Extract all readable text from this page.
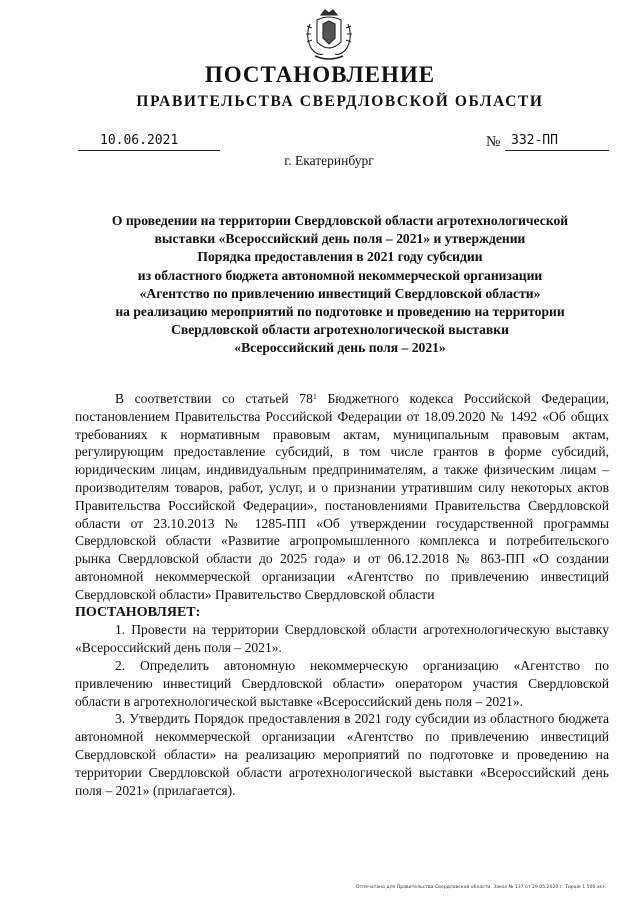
ПОСТАНОВЛЕНИЕ
ПРАВИТЕЛЬСТВА СВЕРДЛОВСКОЙ ОБЛАСТИ
10.06.2021	№ 332-ПП
г. Екатеринбург
О проведении на территории Свердловской области агротехнологической
выставки «Всероссийский день поля – 2021» и утверждении
Порядка предоставления в 2021 году субсидии
из областного бюджета автономной некоммерческой организации
«Агентство по привлечению инвестиций Свердловской области»
на реализацию мероприятий по подготовке и проведению на территории
Свердловской области агротехнологической выставки
«Всероссийский день поля – 2021»

В соответствии со статьей $78^1$ Бюджетного кодекса Российской Федерации, постановлением Правительства Российской Федерации от 18.09.2020 № 1492 «Об общих требованиях к нормативным правовым актам, муниципальным правовым актам, регулирующим предоставление субсидий, в том числе грантов в форме субсидий, юридическим лицам, индивидуальным предпринимателям, а также физическим лицам – производителям товаров, работ, услуг, и о признании утратившим силу некоторых актов Правительства Российской Федерации», постановлениями Правительства Свердловской области от 23.10.2013 № 1285-ПП «Об утверждении государственной программы Свердловской области «Развитие агропромышленного комплекса и потребительского рынка Свердловской области до 2025 года» и от 06.12.2018 № 863-ПП «О создании автономной некоммерческой организации «Агентство по привлечению инвестиций Свердловской области» Правительство Свердловской области

ПОСТАНОВЛЯЕТ:

1. Провести на территории Свердловской области агротехнологическую выставку «Всероссийский день поля – 2021».

2. Определить автономную некоммерческую организацию «Агентство по привлечению инвестиций Свердловской области» оператором участия Свердловской области в агротехнологической выставке «Всероссийский день поля – 2021».

3. Утвердить Порядок предоставления в 2021 году субсидии из областного бюджета автономной некоммерческой организации «Агентство по привлечению инвестиций Свердловской области» на реализацию мероприятий по подготовке и проведению на территории Свердловской области агротехнологической выставки «Всероссийский день поля – 2021» (прилагается).

Отпечатано для Правительства Свердловской области. Заказ № 137 от 29.05.2020 г. Тираж 1 500 экз.
